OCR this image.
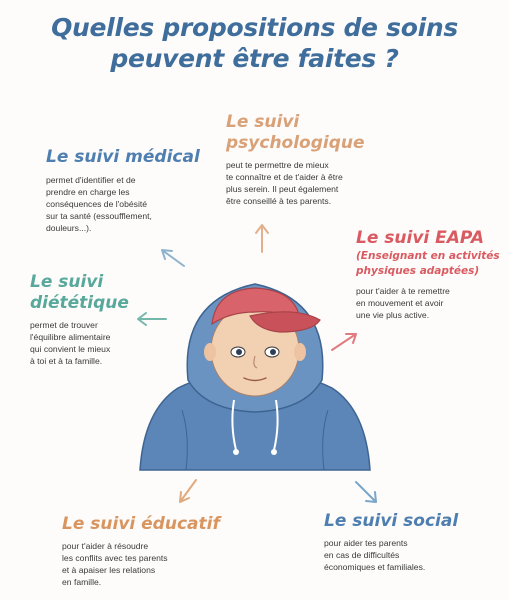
Quelles propositions de soins
peuvent être faites ?
Le suivi médical
permet d'identifier et de
prendre en charge les
conséquences de l'obésité
sur ta santé (essoufflement,
douleurs...).
Le suivi
psychologique
peut te permettre de mieux
te connaître et de t'aider à être
plus serein. Il peut également
être conseillé à tes parents.
Le suivi EAPA
(Enseignant en activités
physiques adaptées)
pour t'aider à te remettre
en mouvement et avoir
une vie plus active.
Le suivi
diététique
permet de trouver
l'équilibre alimentaire
qui convient le mieux
à toi et à ta famille.
Le suivi éducatif
pour t'aider à résoudre
les conflits avec tes parents
et à apaiser les relations
en famille.
Le suivi social
pour aider tes parents
en cas de difficultés
économiques et familiales.
